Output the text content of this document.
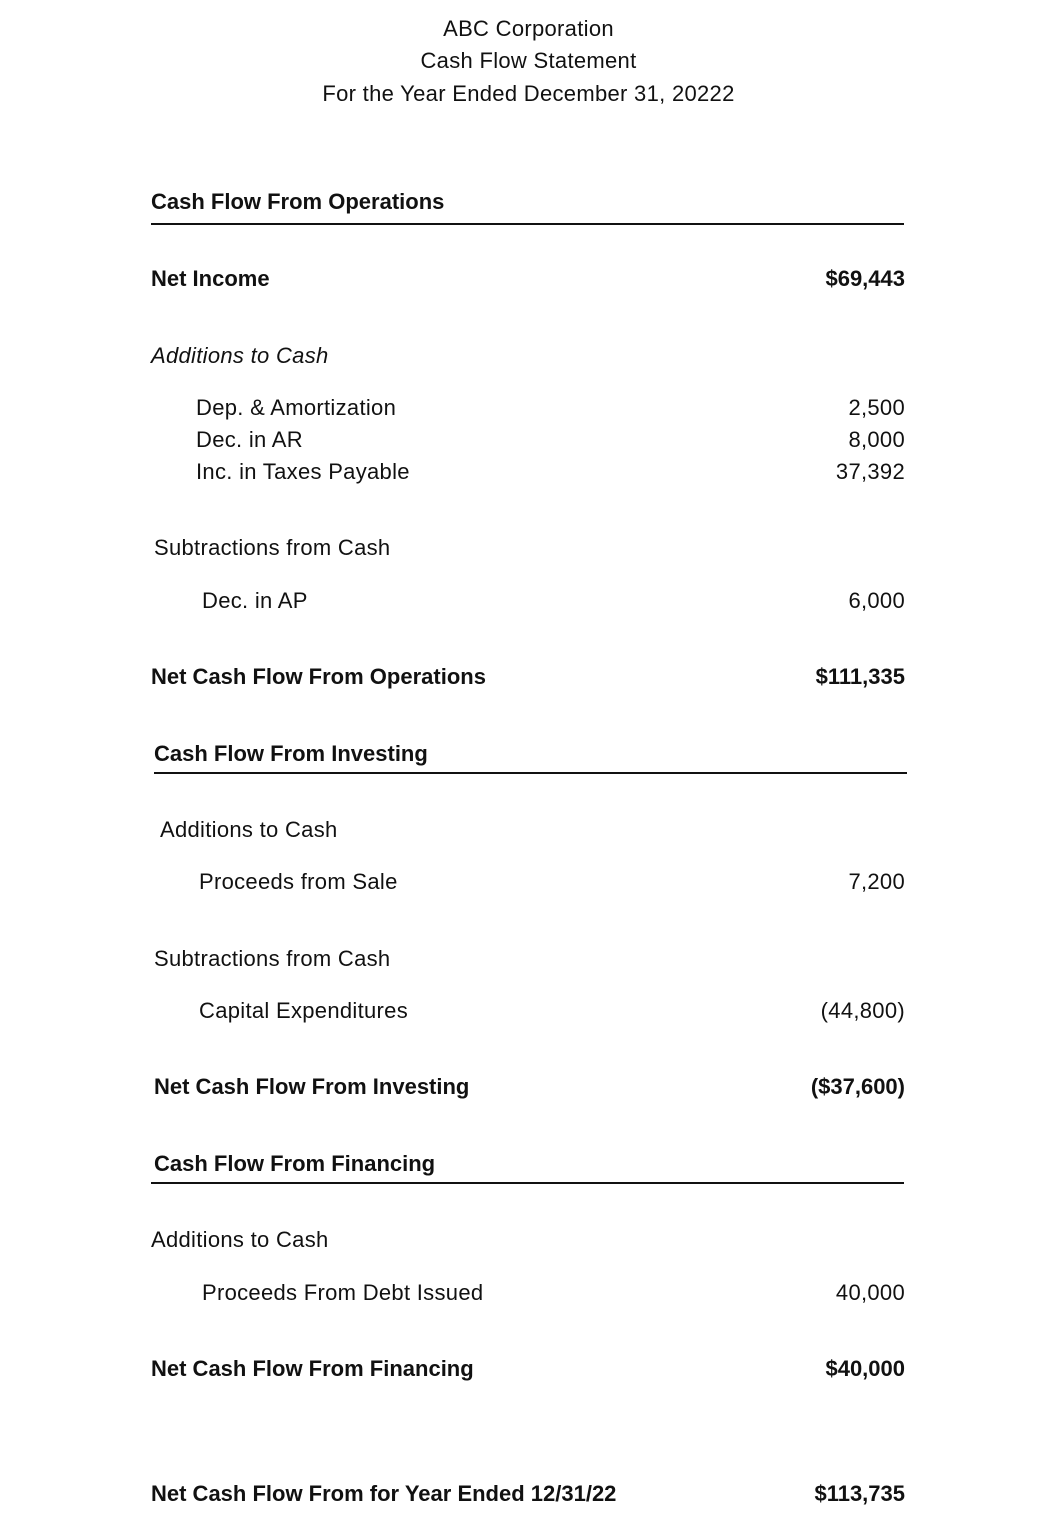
ABC Corporation
Cash Flow Statement
For the Year Ended December 31, 20222
Cash Flow From Operations
Net Income	$69,443
Additions to Cash
Dep. & Amortization	2,500
Dec. in AR	8,000
Inc. in Taxes Payable	37,392
Subtractions from Cash
Dec. in AP	6,000
Net Cash Flow From Operations	$111,335
Cash Flow From Investing
Additions to Cash
Proceeds from Sale	7,200
Subtractions from Cash
Capital Expenditures	(44,800)
Net Cash Flow From Investing	($37,600)
Cash Flow From Financing
Additions to Cash
Proceeds From Debt Issued	40,000
Net Cash Flow From Financing	$40,000
Net Cash Flow From for Year Ended 12/31/22	$113,735
